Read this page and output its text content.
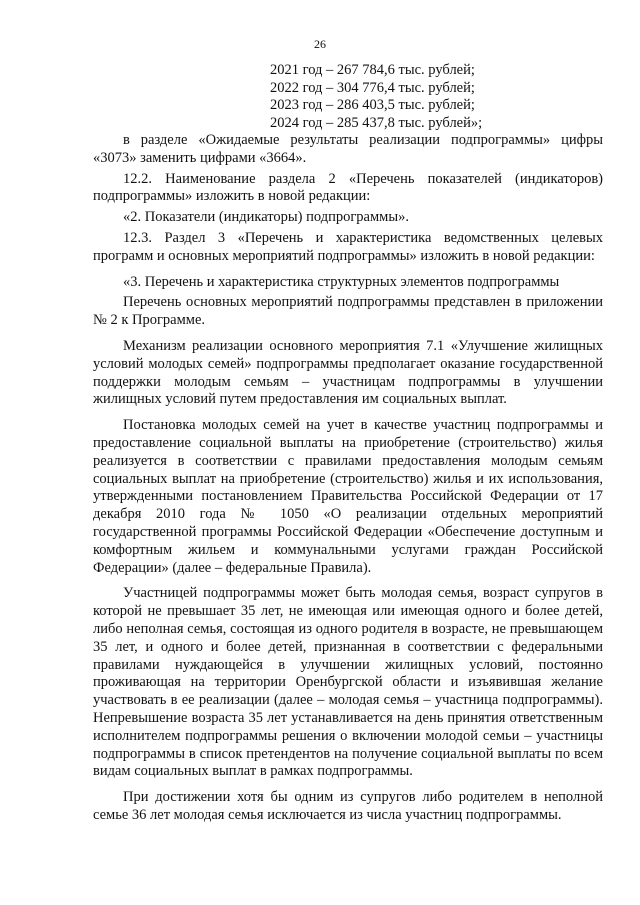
26
2021 год – 267 784,6 тыс. рублей;
2022 год – 304 776,4 тыс. рублей;
2023 год – 286 403,5 тыс. рублей;
2024 год – 285 437,8 тыс. рублей»;

в разделе «Ожидаемые результаты реализации подпрограммы» цифры «3073» заменить цифрами «3664».

12.2. Наименование раздела 2 «Перечень показателей (индикаторов) подпрограммы» изложить в новой редакции:

«2. Показатели (индикаторы) подпрограммы».

12.3. Раздел 3 «Перечень и характеристика ведомственных целевых программ и основных мероприятий подпрограммы» изложить в новой редакции:

«3. Перечень и характеристика структурных элементов подпрограммы

Перечень основных мероприятий подпрограммы представлен в приложении № 2 к Программе.

Механизм реализации основного мероприятия 7.1 «Улучшение жилищных условий молодых семей» подпрограммы предполагает оказание государственной поддержки молодым семьям – участницам подпрограммы в улучшении жилищных условий путем предоставления им социальных выплат.

Постановка молодых семей на учет в качестве участниц подпрограммы и предоставление социальной выплаты на приобретение (строительство) жилья реализуется в соответствии с правилами предоставления молодым семьям социальных выплат на приобретение (строительство) жилья и их использования, утвержденными постановлением Правительства Российской Федерации от 17 декабря 2010 года № 1050 «О реализации отдельных мероприятий государственной программы Российской Федерации «Обеспечение доступным и комфортным жильем и коммунальными услугами граждан Российской Федерации» (далее – федеральные Правила).

Участницей подпрограммы может быть молодая семья, возраст супругов в которой не превышает 35 лет, не имеющая или имеющая одного и более детей, либо неполная семья, состоящая из одного родителя в возрасте, не превышающем 35 лет, и одного и более детей, признанная в соответствии с федеральными правилами нуждающейся в улучшении жилищных условий, постоянно проживающая на территории Оренбургской области и изъявившая желание участвовать в ее реализации (далее – молодая семья – участница подпрограммы). Непревышение возраста 35 лет устанавливается на день принятия ответственным исполнителем подпрограммы решения о включении молодой семьи – участницы подпрограммы в список претендентов на получение социальной выплаты по всем видам социальных выплат в рамках подпрограммы.

При достижении хотя бы одним из супругов либо родителем в неполной семье 36 лет молодая семья исключается из числа участниц подпрограммы.
